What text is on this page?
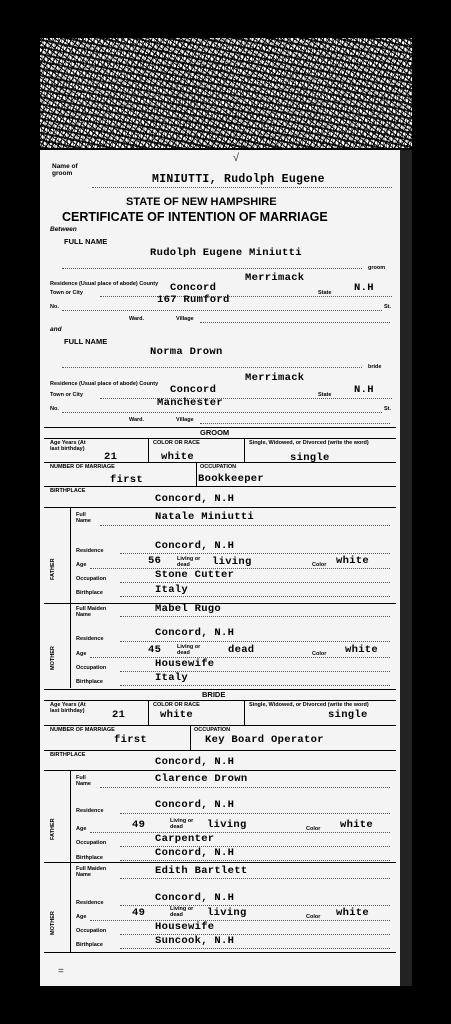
√
Name of groom	MINIUTTI, Rudolph Eugene
STATE OF NEW HAMPSHIRE
CERTIFICATE OF INTENTION OF MARRIAGE
Between
FULL NAME
Rudolph Eugene Miniutti
groom
Residence (Usual place of abode) County	Merrimack
Town or City	Concord	State N.H
No.
167 Rumford
St.
Ward.	Village
and
FULL NAME
Norma Drown
bride
Residence (Usual place of abode) County	Merrimack
Town or City	Concord	State N.H
No.	Manchester	St.
Ward.	Village
GROOM
Age Years (At last birthday)
21
COLOR OR RACE
white
Single, Widowed, or Divorced (write the word)
single
NUMBER OF MARRIAGE
first
OCCUPATION
Bookkeeper
BIRTHPLACE
Concord, N.H
FATHER
Full Name	Natale Miniutti
Residence	Concord, N.H
Age	56	Living or dead	living	Color white
Occupation	Stone Cutter
Birthplace	Italy
MOTHER
Full Maiden Name	Mabel Rugo
Residence	Concord, N.H
Age	45	Living or dead	dead	Color white
Occupation	Housewife
Birthplace	Italy
BRIDE
Age Years (At last birthday)	21
COLOR OR RACE
white
Single, Widowed, or Divorced (write the word)
single
NUMBER OF MARRIAGE
first
OCCUPATION
Key Board Operator
BIRTHPLACE
Concord, N.H
FATHER
Full Name	Clarence Drown
Residence	Concord, N.H
Age	49	Living or dead	living	Color white
Occupation	Carpenter
Birthplace	Concord, N.H
MOTHER
Full Maiden Name	Edith Bartlett
Residence	Concord, N.H
Age	49	Living or dead	living	Color white
Occupation	Housewife
Birthplace	Suncook, N.H
=
